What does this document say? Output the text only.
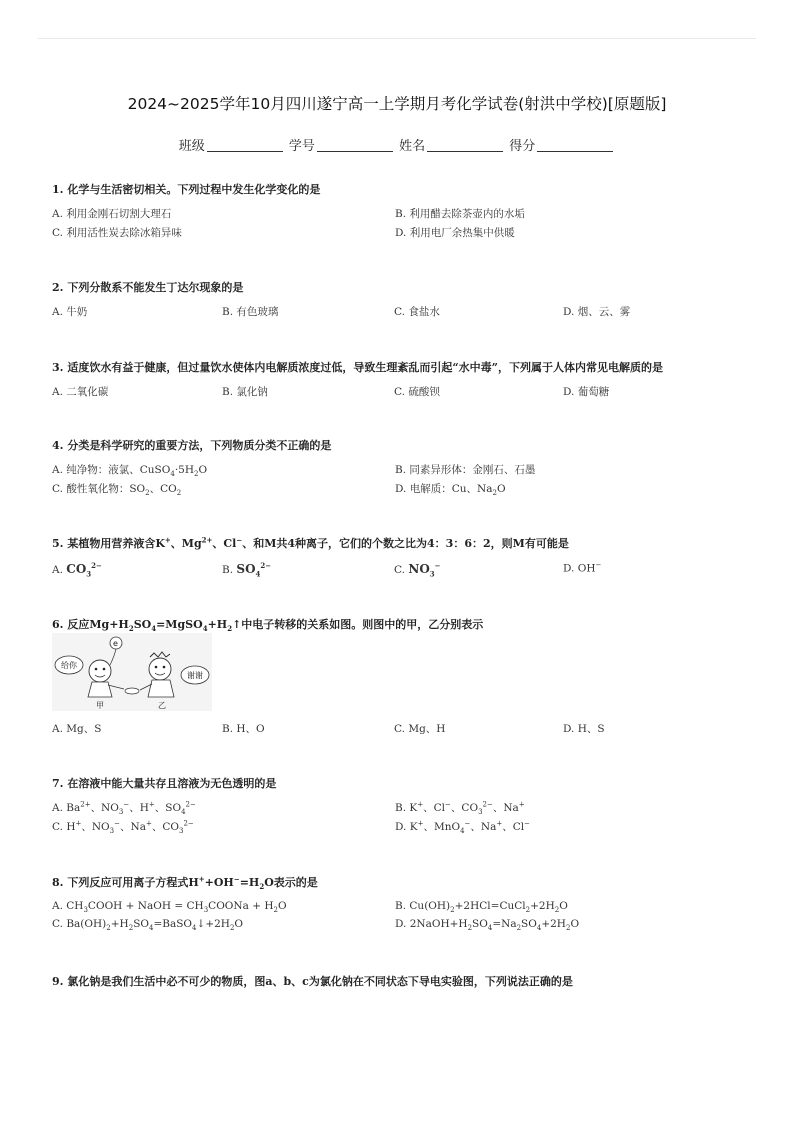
2024~2025学年10月四川遂宁高一上学期月考化学试卷(射洪中学校)[原题版]
班级	学号	姓名	得分
1. 化学与生活密切相关。下列过程中发生化学变化的是
A. 利用金刚石切割大理石	B. 利用醋去除茶壶内的水垢
C. 利用活性炭去除冰箱异味	D. 利用电厂余热集中供暖
2. 下列分散系不能发生丁达尔现象的是
A. 牛奶	B. 有色玻璃	C. 食盐水	D. 烟、云、雾
3. 适度饮水有益于健康，但过量饮水使体内电解质浓度过低，导致生理紊乱而引起“水中毒”，下列属于人体内常见电解质的是
A. 二氧化碳	B. 氯化钠	C. 硫酸钡	D. 葡萄糖
4. 分类是科学研究的重要方法，下列物质分类不正确的是
A. 纯净物：液氯、$CuSO_4\cdot 5H_2O$	B. 同素异形体：金刚石、石墨
C. 酸性氧化物：$SO_2$、$CO_2$	D. 电解质：Cu、$Na_2O$
5. 某植物用营养液含K+、$Mg^{2+}$、Cl−、和M共4种离子，它们的个数之比为4：3：6：2，则M有可能是
A. $CO_3^{2-}$	B. $SO_4^{2-}$	C. $NO_3^-$	D. OH−
6. 反应$Mg+H_2SO_4=MgSO_4+H_2↑$中电子转移的关系如图。则图中的甲，乙分别表示
给你
e
谢谢
甲	乙
A. Mg、S	B. H、O	C. Mg、H	D. H、S
7. 在溶液中能大量共存且溶液为无色透明的是
A. $Ba^{2+}$、$NO_3^-$、H+、$SO_4^{2-}$	B. K+、Cl−、$CO_3^{2-}$、Na+
C. H+、$NO_3^-$、Na+、$CO_3^{2-}$	D. K+、MnO$_4$−、Na+、Cl−
8. 下列反应可用离子方程式$H^++OH^-=H_2O$表示的是
A. $CH_3COOH$ + NaOH = $CH_3COONa + H_2O$	B. $Cu(OH)_2+2HCl=CuCl_2+2H_2O$
C. $Ba(OH)_2+H_2SO_4=BaSO_4↓+2H_2O$	D. $2NaOH+H_2SO_4=Na_2SO_4+2H_2O$
9. 氯化钠是我们生活中必不可少的物质，图a、b、c为氯化钠在不同状态下导电实验图，下列说法正确的是
